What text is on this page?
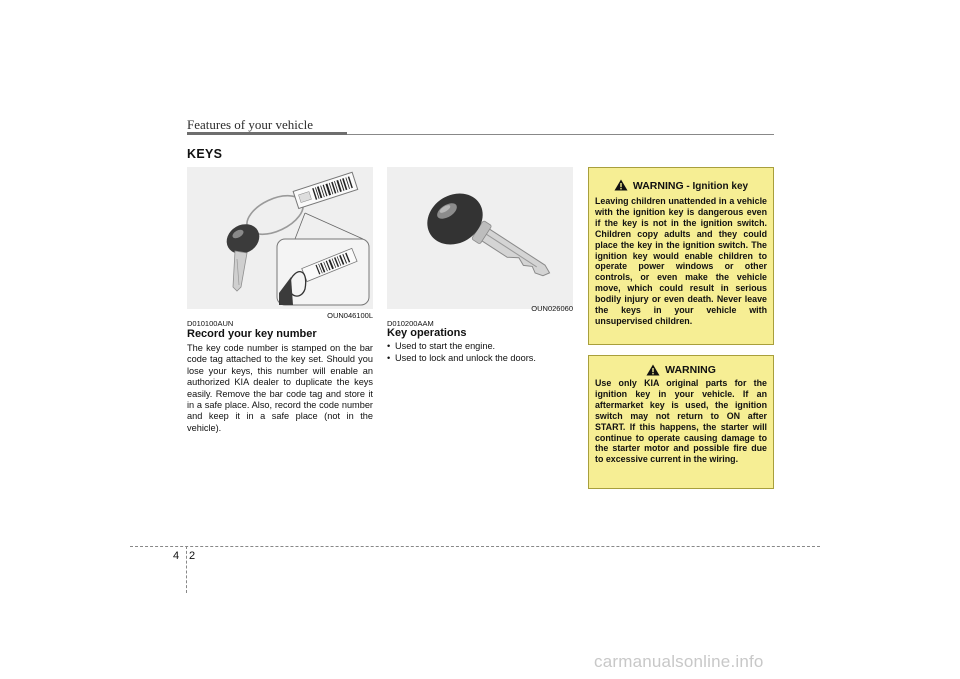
Features of your vehicle
KEYS
OUN046100L
D010100AUN
Record your key number
The key code number is stamped on the bar code tag attached to the key set. Should you lose your keys, this number will enable an authorized KIA dealer to duplicate the keys easily. Remove the bar code tag and store it in a safe place. Also, record the code number and keep it in a safe place (not in the vehicle).
OUN026060
D010200AAM
Key operations
• Used to start the engine.
• Used to lock and unlock the doors.
WARNING - Ignition key
Leaving children unattended in a vehicle with the ignition key is dangerous even if the key is not in the ignition switch. Children copy adults and they could place the key in the ignition switch. The ignition key would enable children to operate power windows or other controls, or even make the vehicle move, which could result in serious bodily injury or even death. Never leave the keys in your vehicle with unsupervised children.
WARNING
Use only KIA original parts for the ignition key in your vehicle. If an aftermarket key is used, the ignition switch may not return to ON after START. If this happens, the starter will continue to operate causing damage to the starter motor and possible fire due to excessive current in the wiring.
4 2
carmanualsonline.info
